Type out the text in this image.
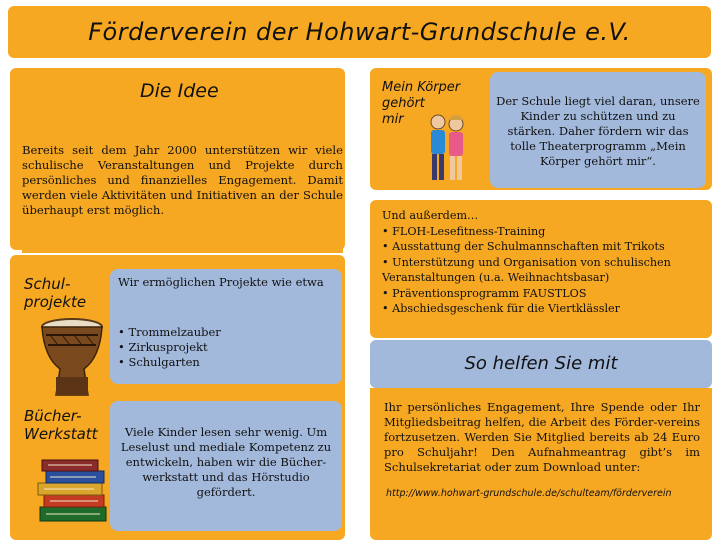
Förderverein der Hohwart-Grundschule e.V.
Die Idee
Bereits seit dem Jahr 2000 unterstützen wir viele schulische Veranstaltungen und Projekte durch persönliches und finanzielles Engagement. Damit werden viele Aktivitäten und Initiativen an der Schule überhaupt erst möglich.
Schul-
projekte
Wir ermöglichen Projekte wie etwa
• Trommelzauber
• Zirkusprojekt
• Schulgarten
Bücher-
Werkstatt	Viele Kinder lesen sehr wenig. Um Leselust und mediale Kompetenz zu entwickeln, haben wir die Bücher-werkstatt und das Hörstudio gefördert.
Mein Körper
gehört
mir
Der Schule liegt viel daran, unsere Kinder zu schützen und zu stärken. Daher fördern wir das tolle Theaterprogramm „Mein Körper gehört mir“.
Und außerdem…
• FLOH-Lesefitness-Training
• Ausstattung der Schulmannschaften mit Trikots
• Unterstützung und Organisation von schulischen Veranstaltungen (u.a. Weihnachtsbasar)
• Präventionsprogramm FAUSTLOS
• Abschiedsgeschenk für die Viertklässler
So helfen Sie mit
Ihr persönliches Engagement, Ihre Spende oder Ihr Mitgliedsbeitrag helfen, die Arbeit des Förder-vereins fortzusetzen. Werden Sie Mitglied bereits ab 24 Euro pro Schuljahr! Den Aufnahmeantrag gibt’s im Schulsekretariat oder zum Download unter:
http://www.hohwart-grundschule.de/schulteam/förderverein
